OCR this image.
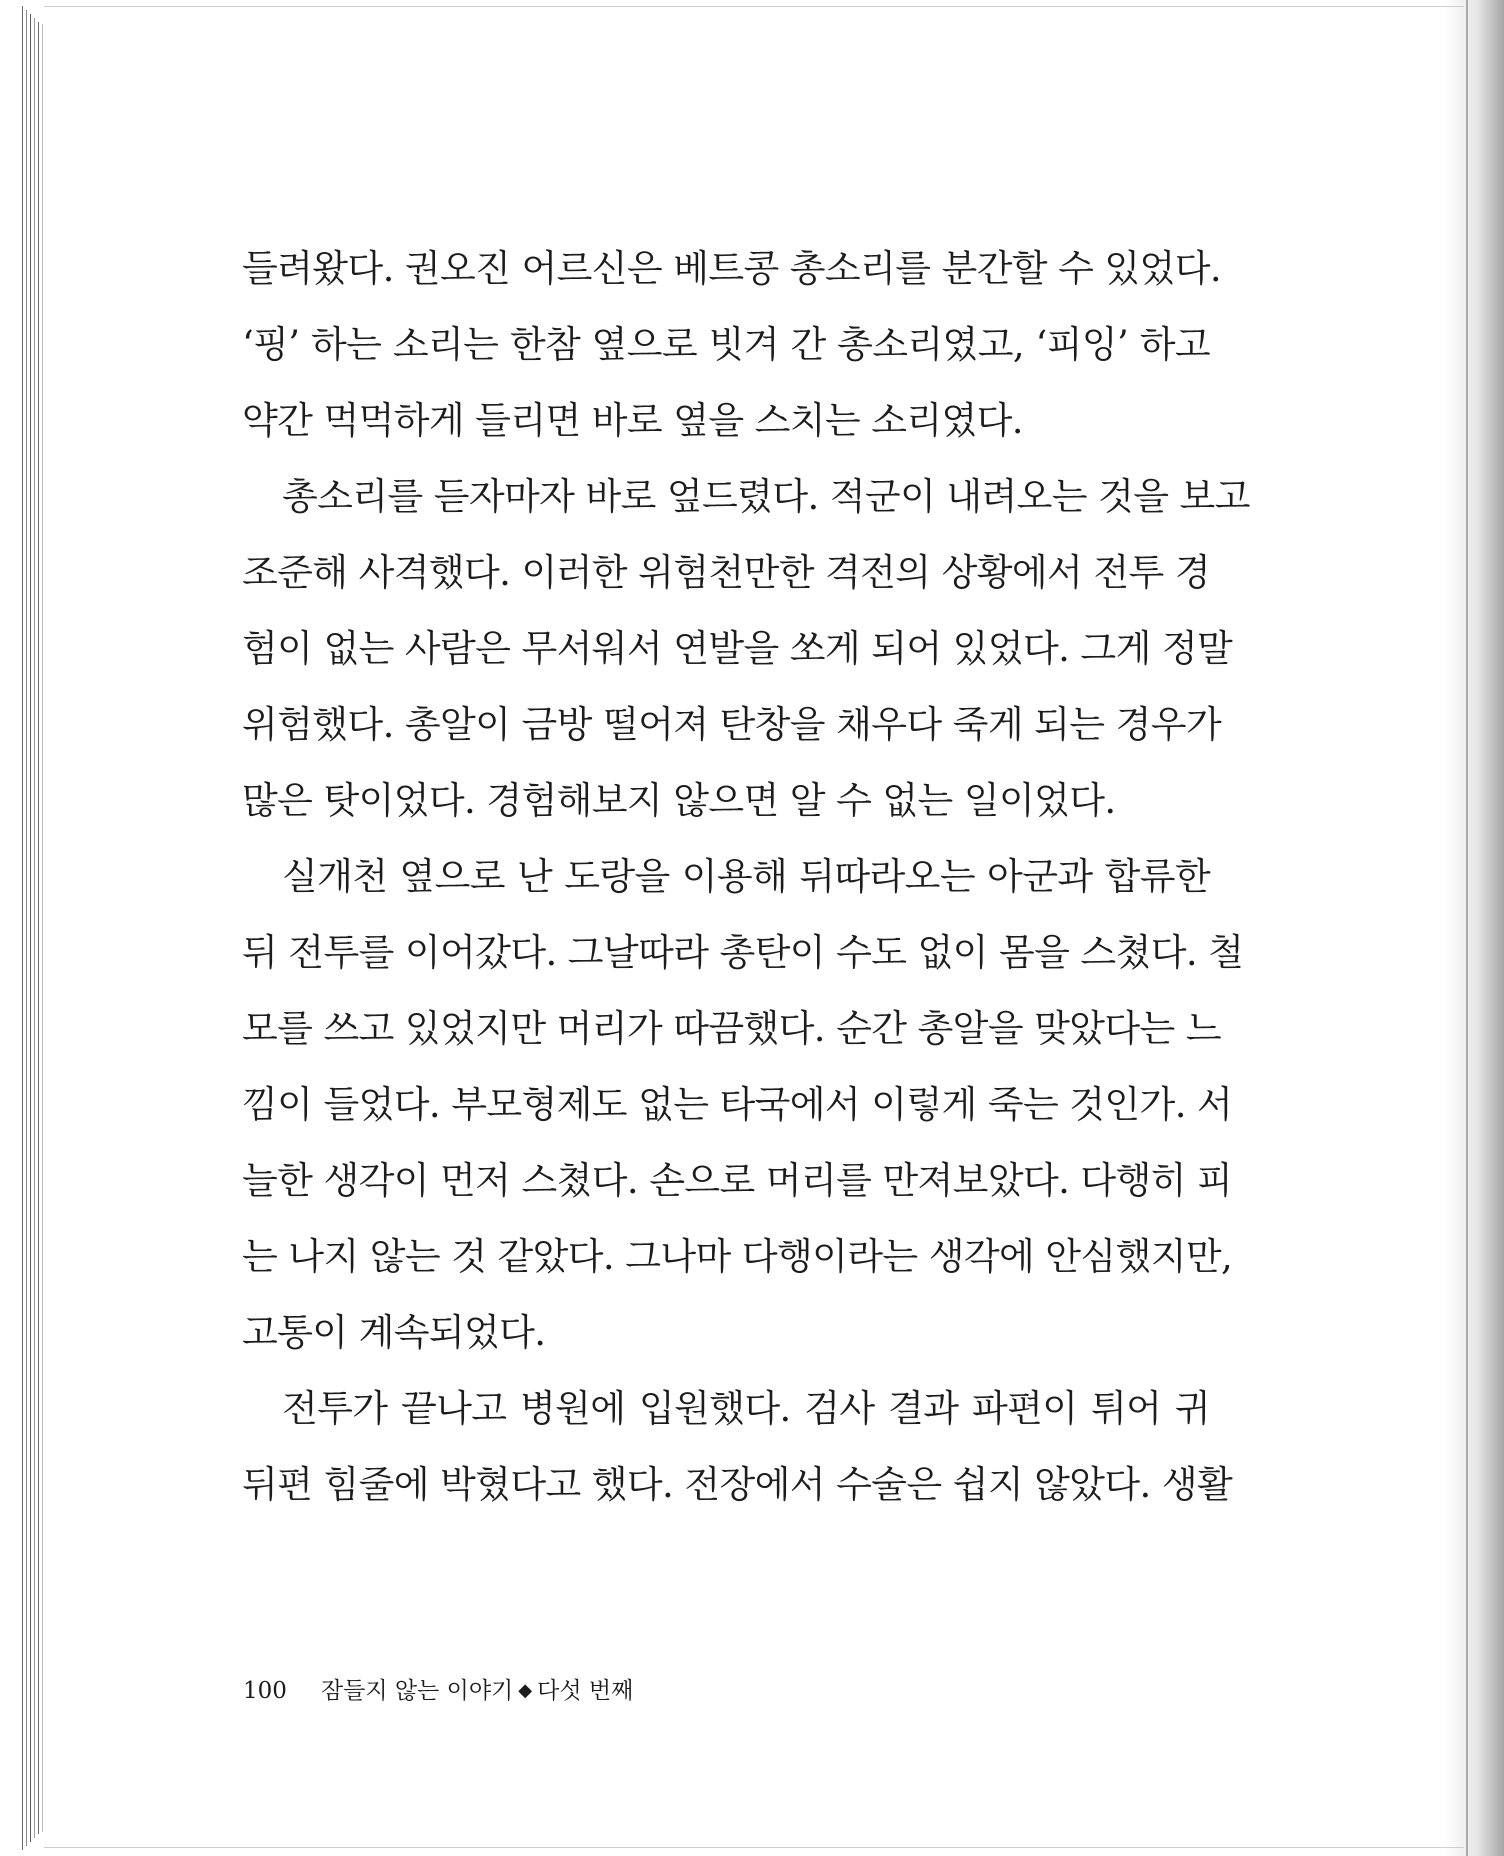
들려왔다. 권오진 어르신은 베트콩 총소리를 분간할 수 있었다.
‘핑’ 하는 소리는 한참 옆으로 빗겨 간 총소리였고, ‘피잉’ 하고
약간 먹먹하게 들리면 바로 옆을 스치는 소리였다.
총소리를 듣자마자 바로 엎드렸다. 적군이 내려오는 것을 보고
조준해 사격했다. 이러한 위험천만한 격전의 상황에서 전투 경
험이 없는 사람은 무서워서 연발을 쏘게 되어 있었다. 그게 정말
위험했다. 총알이 금방 떨어져 탄창을 채우다 죽게 되는 경우가
많은 탓이었다. 경험해보지 않으면 알 수 없는 일이었다.
실개천 옆으로 난 도랑을 이용해 뒤따라오는 아군과 합류한
뒤 전투를 이어갔다. 그날따라 총탄이 수도 없이 몸을 스쳤다. 철
모를 쓰고 있었지만 머리가 따끔했다. 순간 총알을 맞았다는 느
낌이 들었다. 부모형제도 없는 타국에서 이렇게 죽는 것인가. 서
늘한 생각이 먼저 스쳤다. 손으로 머리를 만져보았다. 다행히 피
는 나지 않는 것 같았다. 그나마 다행이라는 생각에 안심했지만,
고통이 계속되었다.
전투가 끝나고 병원에 입원했다. 검사 결과 파편이 튀어 귀
뒤편 힘줄에 박혔다고 했다. 전장에서 수술은 쉽지 않았다. 생활
100 잠들지 않는 이야기 ◆ 다섯 번째
